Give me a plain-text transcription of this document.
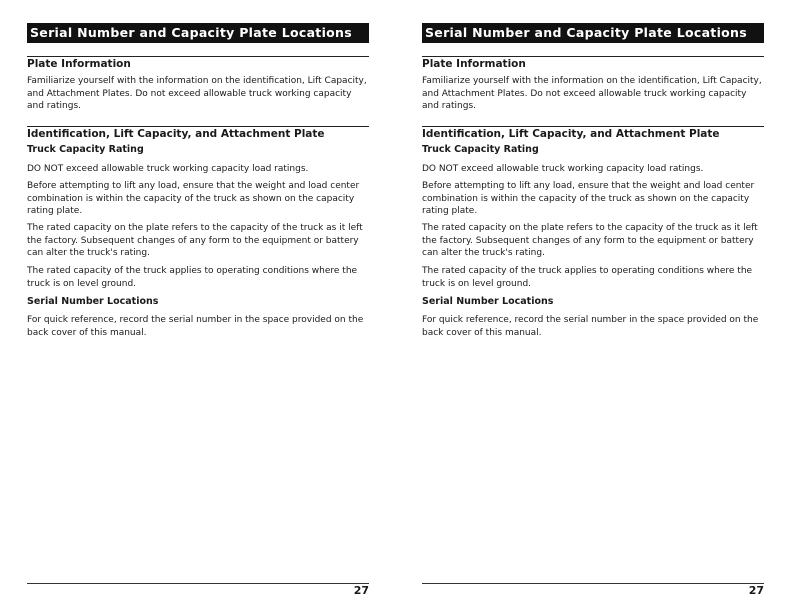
Serial Number and Capacity Plate Locations
Plate Information
Familiarize yourself with the information on the identification, Lift Capacity, and Attachment Plates. Do not exceed allowable truck working capacity and ratings.
Identification, Lift Capacity, and Attachment Plate
Truck Capacity Rating
DO NOT exceed allowable truck working capacity load ratings.
Before attempting to lift any load, ensure that the weight and load center combination is within the capacity of the truck as shown on the capacity rating plate.
The rated capacity on the plate refers to the capacity of the truck as it left the factory. Subsequent changes of any form to the equipment or battery can alter the truck's rating.
The rated capacity of the truck applies to operating conditions where the truck is on level ground.
Serial Number Locations
For quick reference, record the serial number in the space provided on the back cover of this manual.
27
Serial Number and Capacity Plate Locations
Plate Information
Familiarize yourself with the information on the identification, Lift Capacity, and Attachment Plates. Do not exceed allowable truck working capacity and ratings.
Identification, Lift Capacity, and Attachment Plate
Truck Capacity Rating
DO NOT exceed allowable truck working capacity load ratings.
Before attempting to lift any load, ensure that the weight and load center combination is within the capacity of the truck as shown on the capacity rating plate.
The rated capacity on the plate refers to the capacity of the truck as it left the factory. Subsequent changes of any form to the equipment or battery can alter the truck's rating.
The rated capacity of the truck applies to operating conditions where the truck is on level ground.
Serial Number Locations
For quick reference, record the serial number in the space provided on the back cover of this manual.
27
